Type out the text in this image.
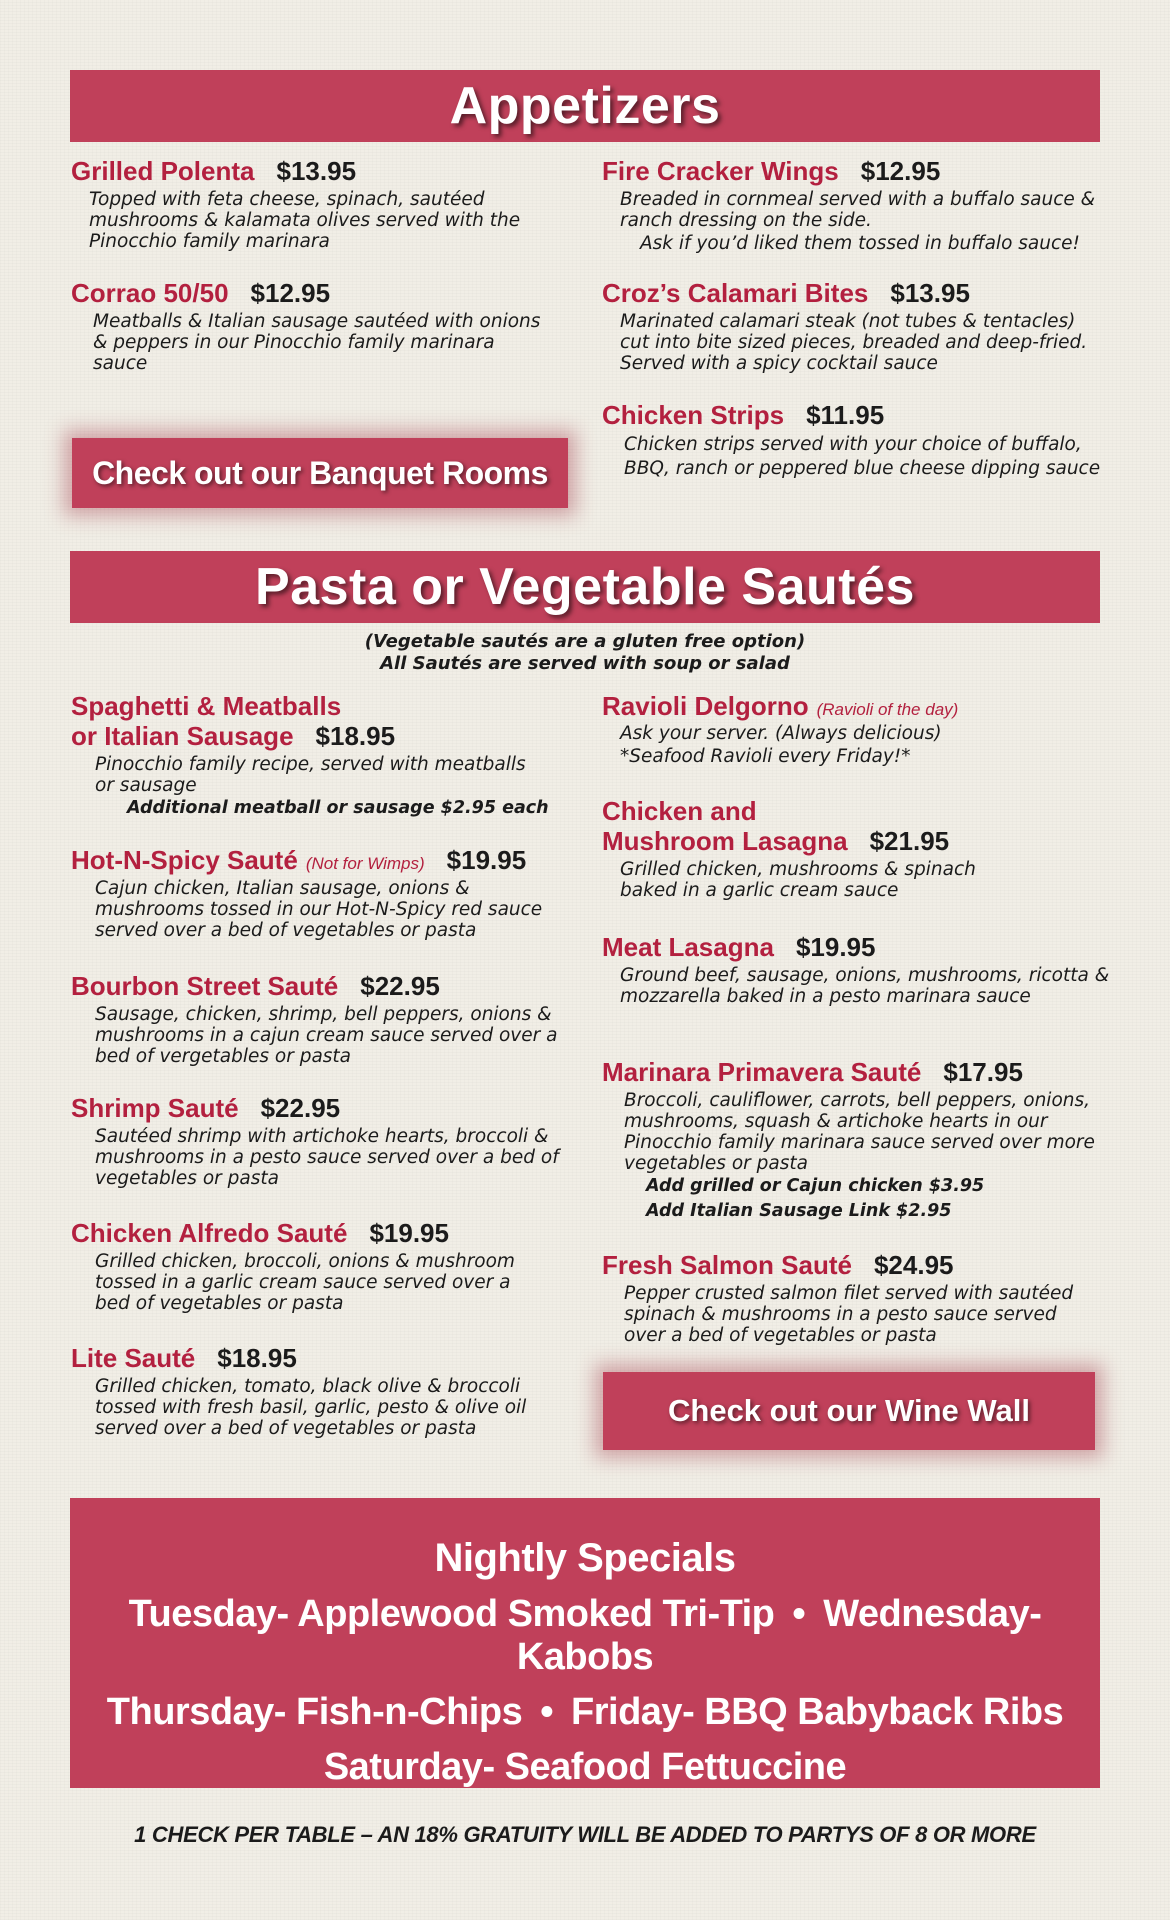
Appetizers
Grilled Polenta $13.95
Topped with feta cheese, spinach, sautéed mushrooms & kalamata olives served with the Pinocchio family marinara
Corrao 50/50 $12.95
Meatballs & Italian sausage sautéed with onions & peppers in our Pinocchio family marinara sauce
Check out our Banquet Rooms
Fire Cracker Wings $12.95
Breaded in cornmeal served with a buffalo sauce & ranch dressing on the side.
Ask if you’d liked them tossed in buffalo sauce!
Croz’s Calamari Bites $13.95
Marinated calamari steak (not tubes & tentacles) cut into bite sized pieces, breaded and deep-fried. Served with a spicy cocktail sauce
Chicken Strips $11.95
Chicken strips served with your choice of buffalo, BBQ, ranch or peppered blue cheese dipping sauce
Pasta or Vegetable Sautés
(Vegetable sautés are a gluten free option)
All Sautés are served with soup or salad
Spaghetti & Meatballs
or Italian Sausage $18.95
Pinocchio family recipe, served with meatballs or sausage
Additional meatball or sausage $2.95 each
Hot-N-Spicy Sauté (Not for Wimps) $19.95
Cajun chicken, Italian sausage, onions & mushrooms tossed in our Hot-N-Spicy red sauce served over a bed of vegetables or pasta
Bourbon Street Sauté $22.95
Sausage, chicken, shrimp, bell peppers, onions & mushrooms in a cajun cream sauce served over a bed of vergetables or pasta
Shrimp Sauté $22.95
Sautéed shrimp with artichoke hearts, broccoli & mushrooms in a pesto sauce served over a bed of vegetables or pasta
Chicken Alfredo Sauté $19.95
Grilled chicken, broccoli, onions & mushroom tossed in a garlic cream sauce served over a bed of vegetables or pasta
Lite Sauté $18.95
Grilled chicken, tomato, black olive & broccoli tossed with fresh basil, garlic, pesto & olive oil served over a bed of vegetables or pasta
Ravioli Delgorno (Ravioli of the day)
Ask your server. (Always delicious)
*Seafood Ravioli every Friday!*
Chicken and
Mushroom Lasagna $21.95
Grilled chicken, mushrooms & spinach baked in a garlic cream sauce
Meat Lasagna $19.95
Ground beef, sausage, onions, mushrooms, ricotta & mozzarella baked in a pesto marinara sauce
Marinara Primavera Sauté $17.95
Broccoli, cauliflower, carrots, bell peppers, onions, mushrooms, squash & artichoke hearts in our Pinocchio family marinara sauce served over more vegetables or pasta
Add grilled or Cajun chicken $3.95
Add Italian Sausage Link $2.95
Fresh Salmon Sauté $24.95
Pepper crusted salmon filet served with sautéed spinach & mushrooms in a pesto sauce served over a bed of vegetables or pasta
Check out our Wine Wall
Nightly Specials
Tuesday- Applewood Smoked Tri-Tip • Wednesday- Kabobs
Thursday- Fish-n-Chips • Friday- BBQ Babyback Ribs
Saturday- Seafood Fettuccine
1 CHECK PER TABLE – AN 18% GRATUITY WILL BE ADDED TO PARTYS OF 8 OR MORE
